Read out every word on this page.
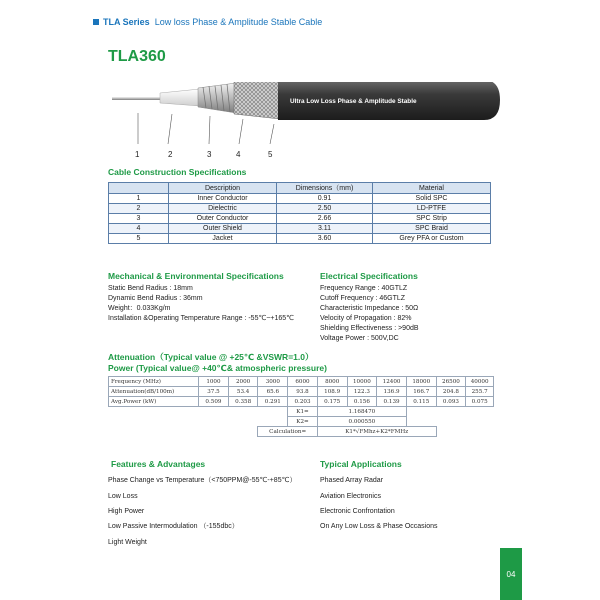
TLA Series Low loss Phase & Amplitude Stable Cable
TLA360
Ultra Low Loss Phase & Amplitude Stable
1	2	3	4	5
Cable Construction Specifications
	Description	Dimensions（mm)	Material
1	Inner Conductor	0.91	Solid SPC
2	Dielectric	2.50	LD-PTFE
3	Outer Conductor	2.66	SPC Strip
4	Outer Shield	3.11	SPC Braid
5	Jacket	3.60	Grey PFA or Custom
Mechanical & Environmental Specifications
Static Bend Radius : 18mm
Dynamic Bend Radius : 36mm
Weight：0.033Kg/m
Installation &Operating Temperature Range : -55℃~+165℃
Electrical Specifications
Frequency Range : 40GTLZ
Cutoff Frequency : 46GTLZ
Characteristic Impedance : 50Ω
Velocity of Propagation : 82%
Shielding Effectiveness : >90dB
Voltage Power : 500V,DC
Attenuation（Typical value @ +25℃ &VSWR=1.0）
Power (Typical value@ +40℃& atmospheric pressure)
Frequency (MHz)	1000	2000	3000	6000	8000	10000	12400	18000	26500	40000
Attenuation(dB/100m)	37.5	53.4	65.6	93.8	108.9	122.3	136.9	166.7	204.8	255.7
Avg.Power (kW)	0.509	0.358	0.291	0.203	0.175	0.156	0.139	0.115	0.093	0.075
				K1=	1.168470					
				K2=	0.000550					
			Calculation=		K1*√FMhz+K2*FMHz					
Features & Advantages
Phase Change vs Temperature（<750PPM@-55℃-+85℃）
Low Loss
High Power
Low Passive Intermodulation （-155dbc）
Light Weight
Typical Applications
Phased Array Radar
Aviation Electronics
Electronic Confrontation
On Any Low Loss & Phase Occasions
04
